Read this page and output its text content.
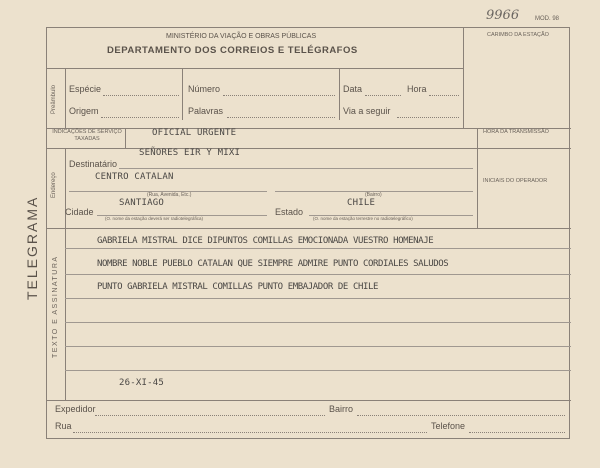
9966	MOD. 98
TELEGRAMA
MINISTÉRIO DA VIAÇÃO E OBRAS PÚBLICAS
DEPARTAMENTO DOS CORREIOS E TELÉGRAFOS
CARIMBO DA ESTAÇÃO
Preâmbulo Espécie	Número	Data	Hora
Origem	Palavras	Via a seguir
INDICAÇÕES DE SERVIÇO TAXADAS
OFICIAL URGENTE	HORA DA TRANSMISSÃO
INICIAIS DO OPERADOR
Endereço
Destinatário
SEÑORES EIR Y MIXI
CENTRO CATALAN
(Rua, Avenida, Etc.)	(Bairro)
Cidade
SANTIAGO
Estado
CHILE
(O. nome da estação deverá ser radiotelegráfica)	(O. nome da estação terrestre no radiotelegráfico)
TEXTO E ASSINATURA
GABRIELA MISTRAL DICE DIPUNTOS COMILLAS EMOCIONADA VUESTRO HOMENAJE
NOMBRE NOBLE PUEBLO CATALAN QUE SIEMPRE ADMIRE PUNTO CORDIALES SALUDOS
PUNTO GABRIELA MISTRAL COMILLAS PUNTO EMBAJADOR DE CHILE
26-XI-45
Expedidor	Bairro
Rua	Telefone
